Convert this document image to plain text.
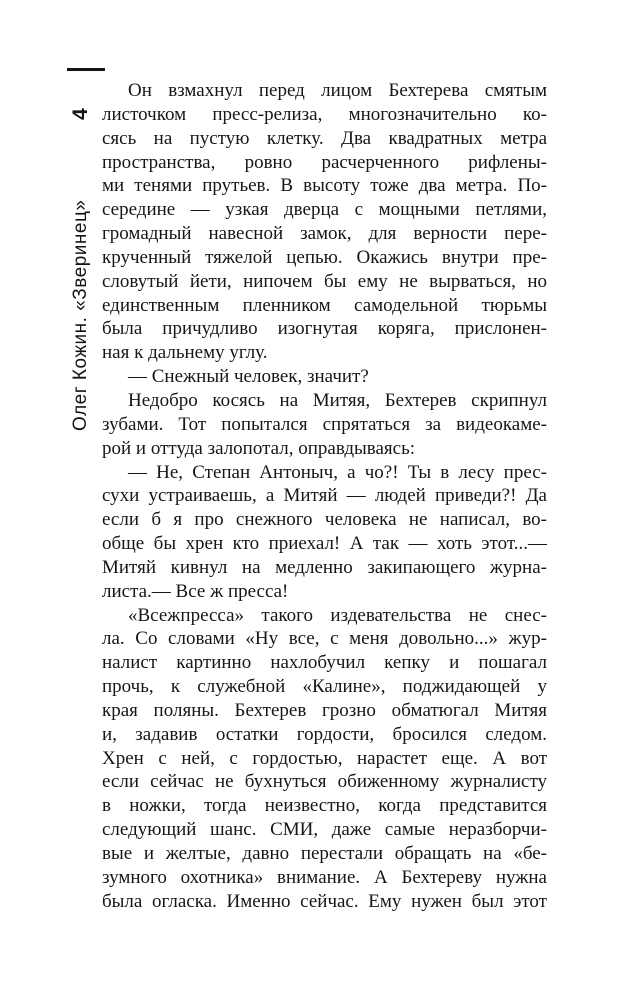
4
Олег Кожин. «Зверинец»
Он взмахнул перед лицом Бехтерева смятым
листочком пресс-релиза, многозначительно ко-
сясь на пустую клетку. Два квадратных метра
пространства, ровно расчерченного рифлены-
ми тенями прутьев. В высоту тоже два метра. По-
середине — узкая дверца с мощными петлями,
громадный навесной замок, для верности пере-
крученный тяжелой цепью. Окажись внутри пре-
словутый йети, нипочем бы ему не вырваться, но
единственным пленником самодельной тюрьмы
была причудливо изогнутая коряга, прислонен-
ная к дальнему углу.
— Снежный человек, значит?
Недобро косясь на Митяя, Бехтерев скрипнул
зубами. Тот попытался спрятаться за видеокаме-
рой и оттуда залопотал, оправдываясь:
— Не, Степан Антоныч, а чо?! Ты в лесу прес-
сухи устраиваешь, а Митяй — людей приведи?! Да
если б я про снежного человека не написал, во-
обще бы хрен кто приехал! А так — хоть этот...—
Митяй кивнул на медленно закипающего журна-
листа.— Все ж пресса!
«Всежпресса» такого издевательства не снес-
ла. Со словами «Ну все, с меня довольно...» жур-
налист картинно нахлобучил кепку и пошагал
прочь, к служебной «Калине», поджидающей у
края поляны. Бехтерев грозно обматюгал Митяя
и, задавив остатки гордости, бросился следом.
Хрен с ней, с гордостью, нарастет еще. А вот
если сейчас не бухнуться обиженному журналисту
в ножки, тогда неизвестно, когда представится
следующий шанс. СМИ, даже самые неразборчи-
вые и желтые, давно перестали обращать на «бе-
зумного охотника» внимание. А Бехтереву нужна
была огласка. Именно сейчас. Ему нужен был этот
